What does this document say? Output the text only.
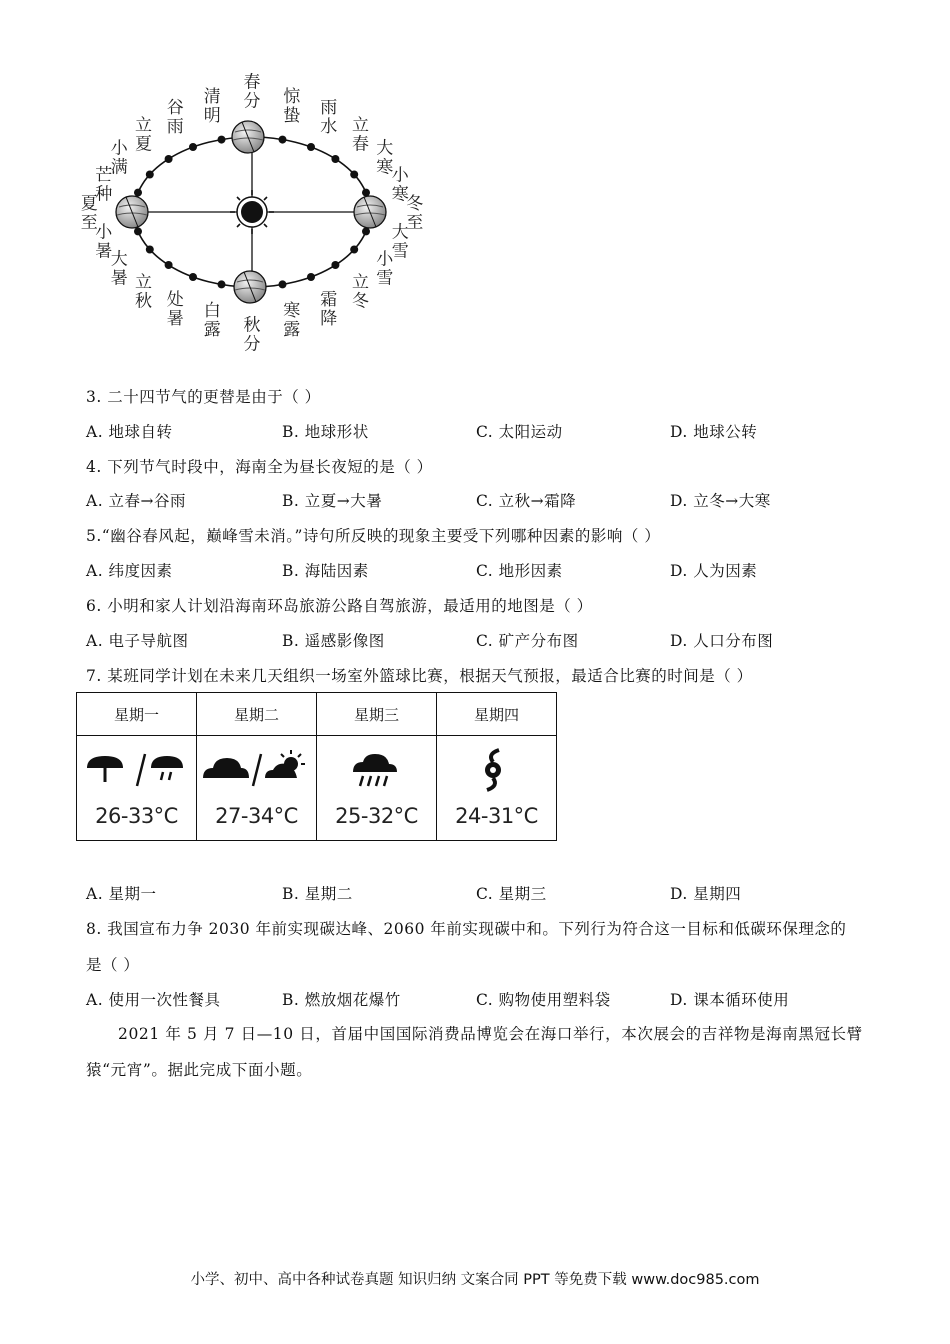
春分 惊蛰 雨水 立春 大寒
小寒
冬至
大雪
小雪
立冬
霜降
寒露
秋分
白露
处暑
立秋
大暑
小暑
夏至
芒种
小满
立夏
谷雨
清明
3. 二十四节气的更替是由于（ ）
A. 地球自转	B. 地球形状	C. 太阳运动	D. 地球公转
4. 下列节气时段中，海南全为昼长夜短的是（ ）
A. 立春→谷雨	B. 立夏→大暑	C. 立秋→霜降	D. 立冬→大寒
5.“幽谷春风起，巅峰雪未消。”诗句所反映的现象主要受下列哪种因素的影响（ ）
A. 纬度因素	B. 海陆因素	C. 地形因素	D. 人为因素
6. 小明和家人计划沿海南环岛旅游公路自驾旅游，最适用的地图是（ ）
A. 电子导航图	B. 遥感影像图	C. 矿产分布图	D. 人口分布图
7. 某班同学计划在未来几天组织一场室外篮球比赛，根据天气预报，最适合比赛的时间是（ ）
星期一	星期二	星期三	星期四

26-33°C	27-34°C	25-32°C	24-31°C
A. 星期一	B. 星期二	C. 星期三	D. 星期四
8. 我国宣布力争 2030 年前实现碳达峰、2060 年前实现碳中和。下列行为符合这一目标和低碳环保理念的
是（ ）
A. 使用一次性餐具	B. 燃放烟花爆竹	C. 购物使用塑料袋	D. 课本循环使用
2021 年 5 月 7 日—10 日，首届中国国际消费品博览会在海口举行，本次展会的吉祥物是海南黑冠长臂猿“元宵”。据此完成下面小题。
小学、初中、高中各种试卷真题 知识归纳 文案合同 PPT 等免费下载 www.doc985.com
